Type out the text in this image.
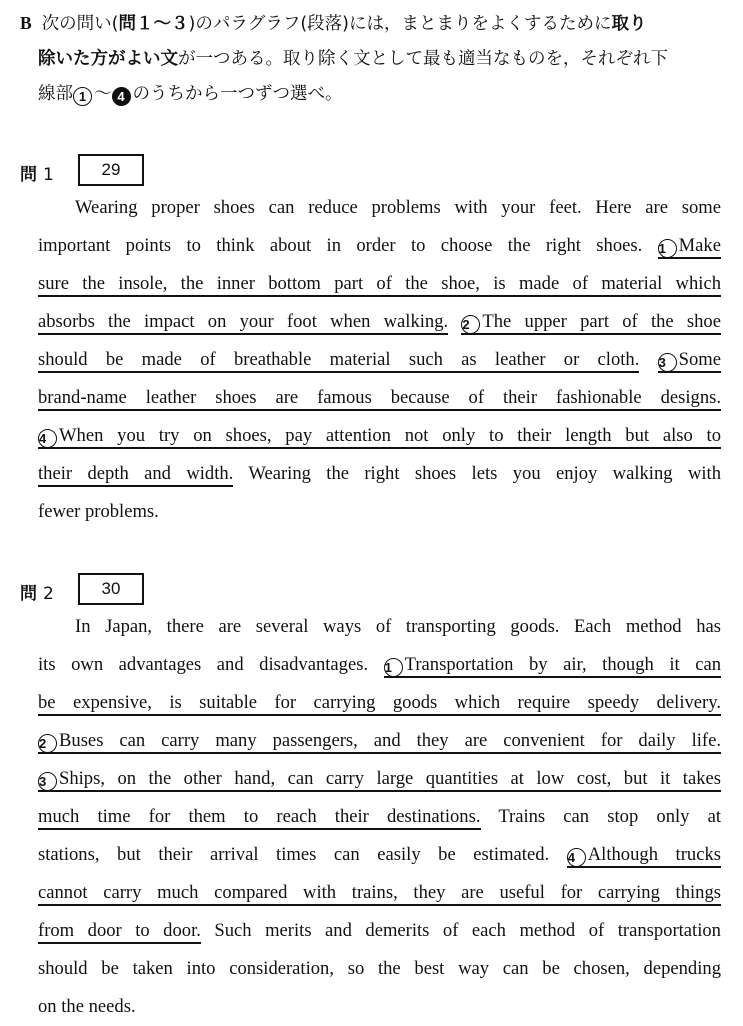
B 次の問い(問１～３)のパラグラフ(段落)には，まとまりをよくするために取り
除いた方がよい文が一つある。取り除く文として最も適当なものを，それぞれ下
線部 1 ～ 4 のうちから一つずつ選べ。
問 1	29
Wearing proper shoes can reduce problems with your feet. Here are some
important points to think about in order to choose the right shoes. 1 Make
sure the insole, the inner bottom part of the shoe, is made of material which
absorbs the impact on your foot when walking. 2 The upper part of the shoe
should be made of breathable material such as leather or cloth. 3 Some
brand-name leather shoes are famous because of their fashionable designs.
4 When you try on shoes, pay attention not only to their length but also to
their depth and width. Wearing the right shoes lets you enjoy walking with
fewer problems.
問 2	30
In Japan, there are several ways of transporting goods. Each method has
its own advantages and disadvantages. 1 Transportation by air, though it can
be expensive, is suitable for carrying goods which require speedy delivery.
2 Buses can carry many passengers, and they are convenient for daily life.
3 Ships, on the other hand, can carry large quantities at low cost, but it takes
much time for them to reach their destinations. Trains can stop only at
stations, but their arrival times can easily be estimated. 4 Although trucks
cannot carry much compared with trains, they are useful for carrying things
from door to door. Such merits and demerits of each method of transportation
should be taken into consideration, so the best way can be chosen, depending
on the needs.
